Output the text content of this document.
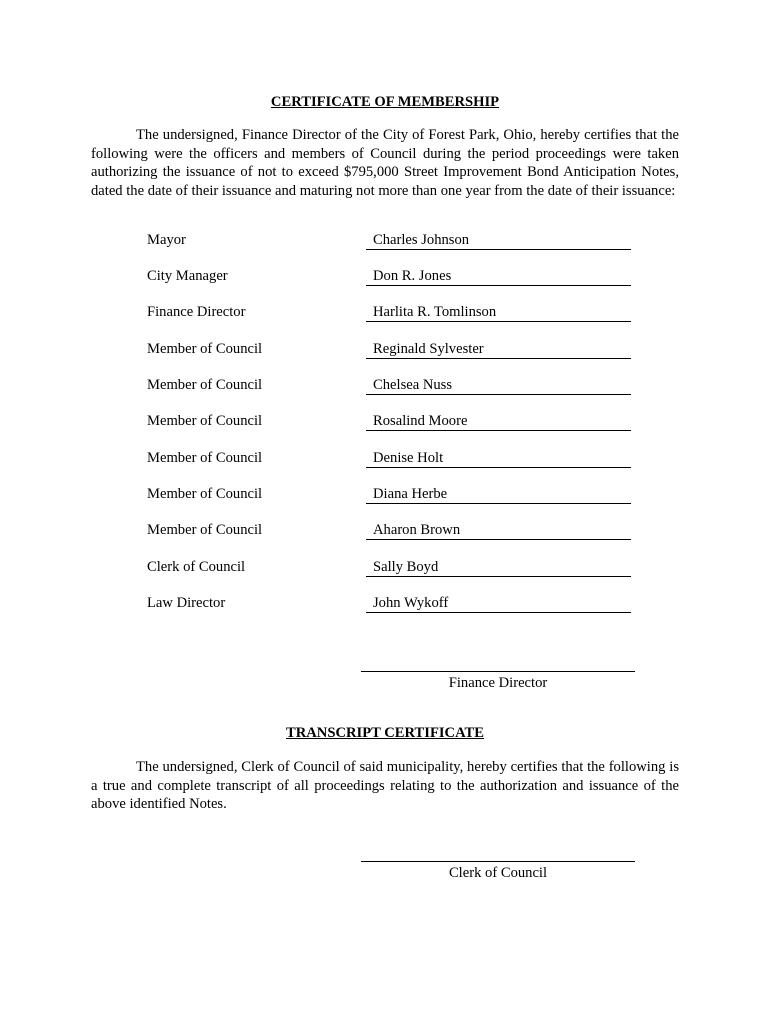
CERTIFICATE OF MEMBERSHIP
The undersigned, Finance Director of the City of Forest Park, Ohio, hereby certifies that the following were the officers and members of Council during the period proceedings were taken authorizing the issuance of not to exceed $795,000 Street Improvement Bond Anticipation Notes, dated the date of their issuance and maturing not more than one year from the date of their issuance:
Mayor	Charles Johnson
City Manager	Don R. Jones
Finance Director	Harlita R. Tomlinson
Member of Council	Reginald Sylvester
Member of Council	Chelsea Nuss
Member of Council	Rosalind Moore
Member of Council	Denise Holt
Member of Council	Diana Herbe
Member of Council	Aharon Brown
Clerk of Council	Sally Boyd
Law Director	John Wykoff
Finance Director
TRANSCRIPT CERTIFICATE
The undersigned, Clerk of Council of said municipality, hereby certifies that the following is a true and complete transcript of all proceedings relating to the authorization and issuance of the above identified Notes.
Clerk of Council
